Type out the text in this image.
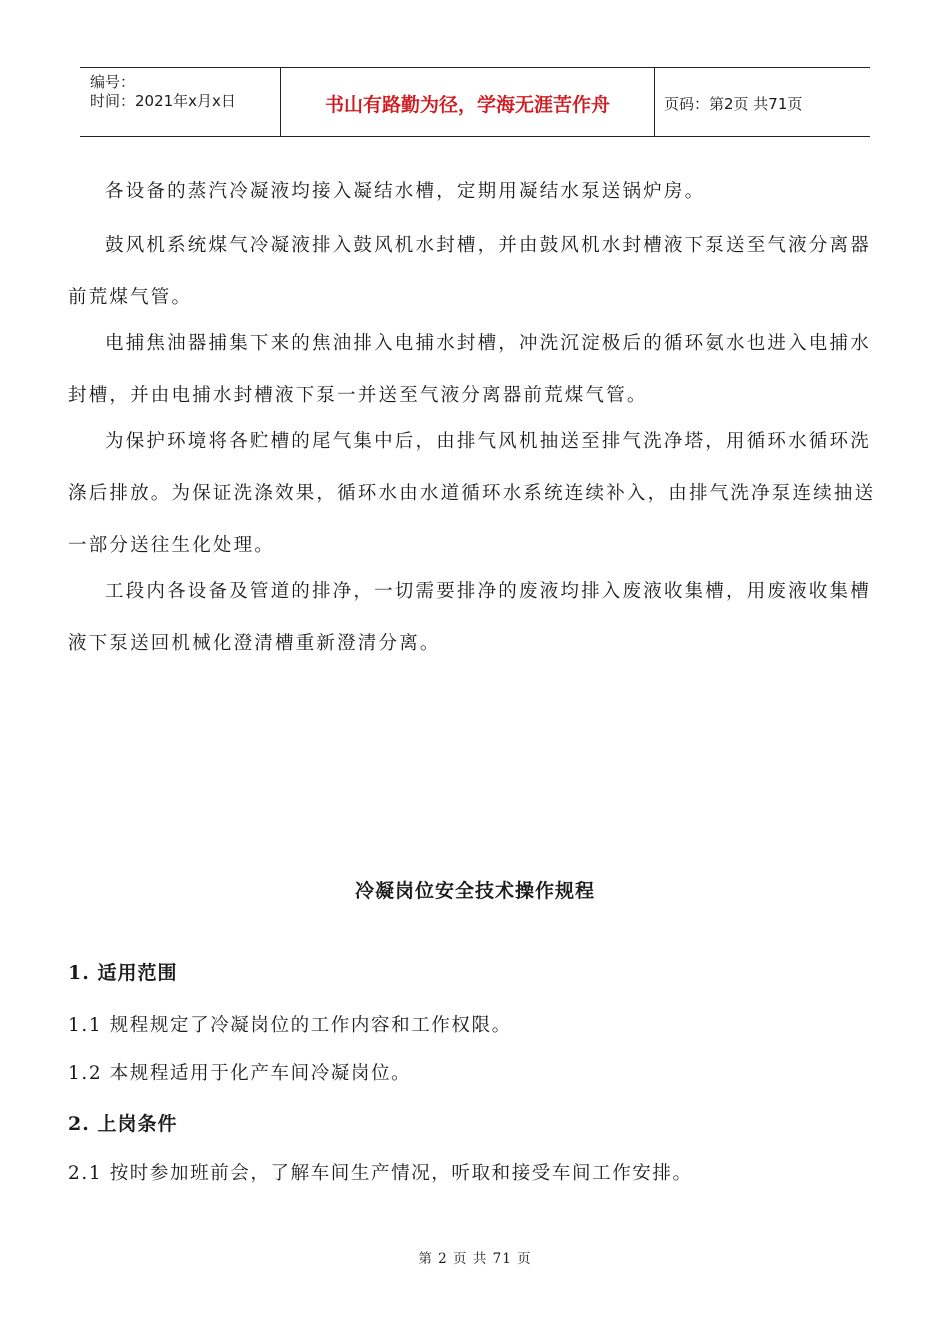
编号：
时间：2021年x月x日	书山有路勤为径，学海无涯苦作舟	页码：第2页 共71页

各设备的蒸汽冷凝液均接入凝结水槽，定期用凝结水泵送锅炉房。

鼓风机系统煤气冷凝液排入鼓风机水封槽，并由鼓风机水封槽液下泵送至气液分离器前荒煤气管。

电捕焦油器捕集下来的焦油排入电捕水封槽，冲洗沉淀极后的循环氨水也进入电捕水封槽，并由电捕水封槽液下泵一并送至气液分离器前荒煤气管。

为保护环境将各贮槽的尾气集中后，由排气风机抽送至排气洗净塔，用循环水循环洗涤后排放。为保证洗涤效果，循环水由水道循环水系统连续补入，由排气洗净泵连续抽送一部分送往生化处理。

工段内各设备及管道的排净，一切需要排净的废液均排入废液收集槽，用废液收集槽液下泵送回机械化澄清槽重新澄清分离。

冷凝岗位安全技术操作规程
1. 适用范围
1.1 规程规定了冷凝岗位的工作内容和工作权限。
1.2 本规程适用于化产车间冷凝岗位。
2. 上岗条件
2.1 按时参加班前会，了解车间生产情况，听取和接受车间工作安排。
第 2 页 共 71 页
